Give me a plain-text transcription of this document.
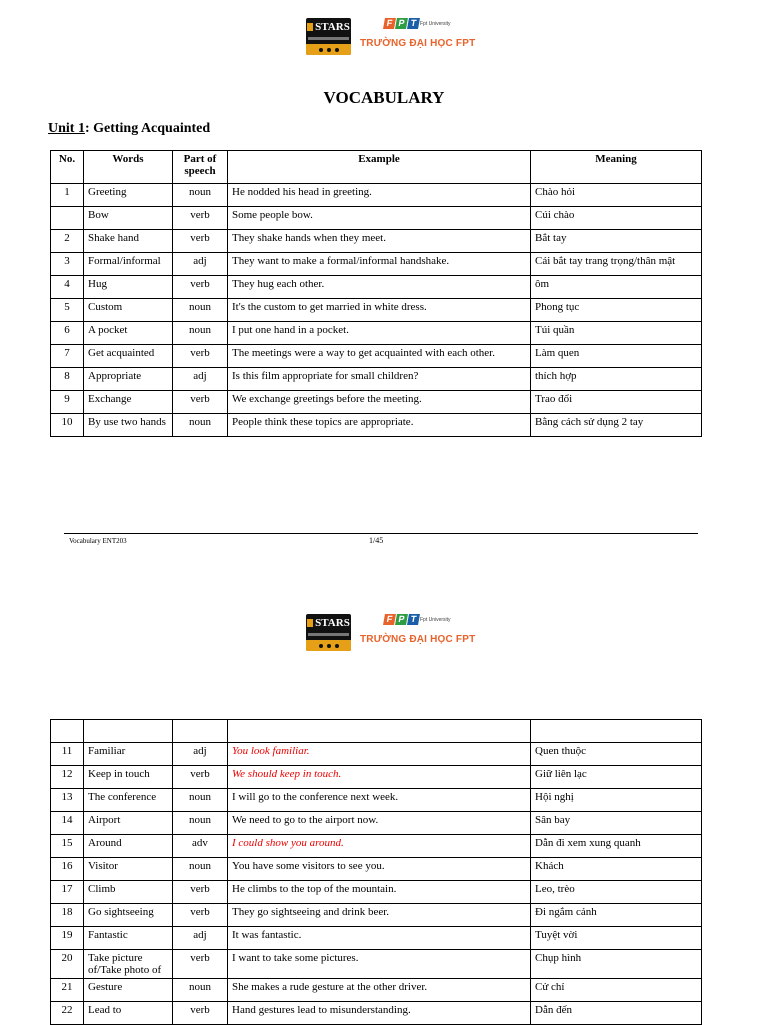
STARS	F P T Fpt University
TRƯỜNG ĐẠI HỌC FPT
VOCABULARY
Unit 1: Getting Acquainted
No.	Words	Part of speech	Example	Meaning
1	Greeting	noun	He nodded his head in greeting.	Chào hỏi
	Bow	verb	Some people bow.	Cúi chào
2	Shake hand	verb	They shake hands when they meet.	Bắt tay
3	Formal/informal	adj	They want to make a formal/informal handshake.	Cái bắt tay trang trọng/thân mật
4	Hug	verb	They hug each other.	ôm
5	Custom	noun	It's the custom to get married in white dress.	Phong tục
6	A pocket	noun	I put one hand in a pocket.	Túi quần
7	Get acquainted	verb	The meetings were a way to get acquainted with each other.	Làm quen
8	Appropriate	adj	Is this film appropriate for small children?	thích hợp
9	Exchange	verb	We exchange greetings before the meeting.	Trao đổi
10	By use two hands	noun	People think these topics are appropriate.	Bằng cách sử dụng 2 tay
Vocabulary ENT203	1/45
STARS	F P T Fpt University
TRƯỜNG ĐẠI HỌC FPT

11	Familiar	adj	You look familiar.	Quen thuộc
12	Keep in touch	verb	We should keep in touch.	Giữ liên lạc
13	The conference	noun	I will go to the conference next week.	Hội nghị
14	Airport	noun	We need to go to the airport now.	Sân bay
15	Around	adv	I could show you around.	Dẫn đi xem xung quanh
16	Visitor	noun	You have some visitors to see you.	Khách
17	Climb	verb	He climbs to the top of the mountain.	Leo, trèo
18	Go sightseeing	verb	They go sightseeing and drink beer.	Đi ngắm cảnh
19	Fantastic	adj	It was fantastic.	Tuyệt vời
20	Take picture of/Take photo of	verb	I want to take some pictures.	Chụp hình
21	Gesture	noun	She makes a rude gesture at the other driver.	Cử chỉ
22	Lead to	verb	Hand gestures lead to misunderstanding.	Dẫn đến
